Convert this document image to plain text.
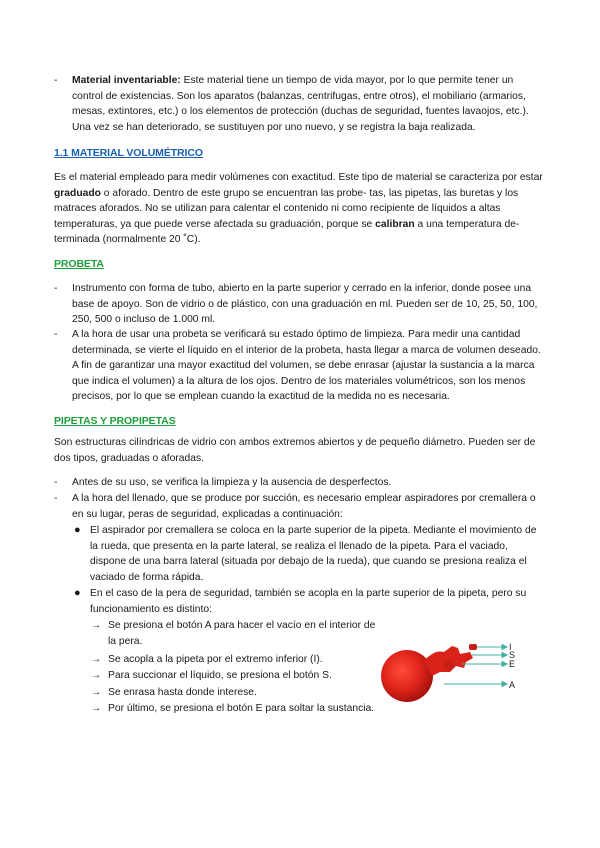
- Material inventariable: Este material tiene un tiempo de vida mayor, por lo que permite tener un control de existencias. Son los aparatos (balanzas, centrifugas, entre otros), el mobiliario (armarios, mesas, extintores, etc.) o los elementos de protección (duchas de seguridad, fuentes lavaojos, etc.). Una vez se han deteriorado, se sustituyen por uno nuevo, y se registra la baja realizada.

1.1 MATERIAL VOLUMÉTRICO

Es el material empleado para medir volúmenes con exactitud. Este tipo de material se caracteriza por estar graduado o aforado. Dentro de este grupo se encuentran las probe- tas, las pipetas, las buretas y los matraces aforados. No se utilizan para calentar el contenido ni como recipiente de líquidos a altas temperaturas, ya que puede verse afectada su graduación, porque se calibran a una temperatura de- terminada (normalmente 20 ˚C).

PROBETA

- Instrumento con forma de tubo, abierto en la parte superior y cerrado en la inferior, donde posee una base de apoyo. Son de vidrio o de plástico, con una graduación en ml. Pueden ser de 10, 25, 50, 100, 250, 500 o incluso de 1.000 ml.

- A la hora de usar una probeta se verificará su estado óptimo de limpieza. Para medir una cantidad determinada, se vierte el líquido en el interior de la probeta, hasta llegar a marca de volumen deseado. A fin de garantizar una mayor exactitud del volumen, se debe enrasar (ajustar la sustancia a la marca que indica el volumen) a la altura de los ojos. Dentro de los materiales volumétricos, son los menos precisos, por lo que se emplean cuando la exactitud de la medida no es necesaria.

PIPETAS Y PROPIPETAS

Son estructuras cilíndricas de vidrio con ambos extremos abiertos y de pequeño diámetro. Pueden ser de dos tipos, graduadas o aforadas.

- Antes de su uso, se verifica la limpieza y la ausencia de desperfectos.

- A la hora del llenado, que se produce por succión, es necesario emplear aspiradores por cremallera o en su lugar, peras de seguridad, explicadas a continuación:

● El aspirador por cremallera se coloca en la parte superior de la pipeta. Mediante el movimiento de la rueda, que presenta en la parte lateral, se realiza el llenado de la pipeta. Para el vaciado, dispone de una barra lateral (situada por debajo de la rueda), que cuando se presiona realiza el vaciado de forma rápida.

● En el caso de la pera de seguridad, también se acopla en la parte superior de la pipeta, pero su funcionamiento es distinto:

→ Se presiona el botón A para hacer el vacío en el interior de la pera.

→ Se acopla a la pipeta por el extremo inferior (I).

→ Para succionar el líquido, se presiona el botón S.

→ Se enrasa hasta donde interese.

→ Por último, se presiona el botón E para soltar la sustancia.

I
S
E
A
